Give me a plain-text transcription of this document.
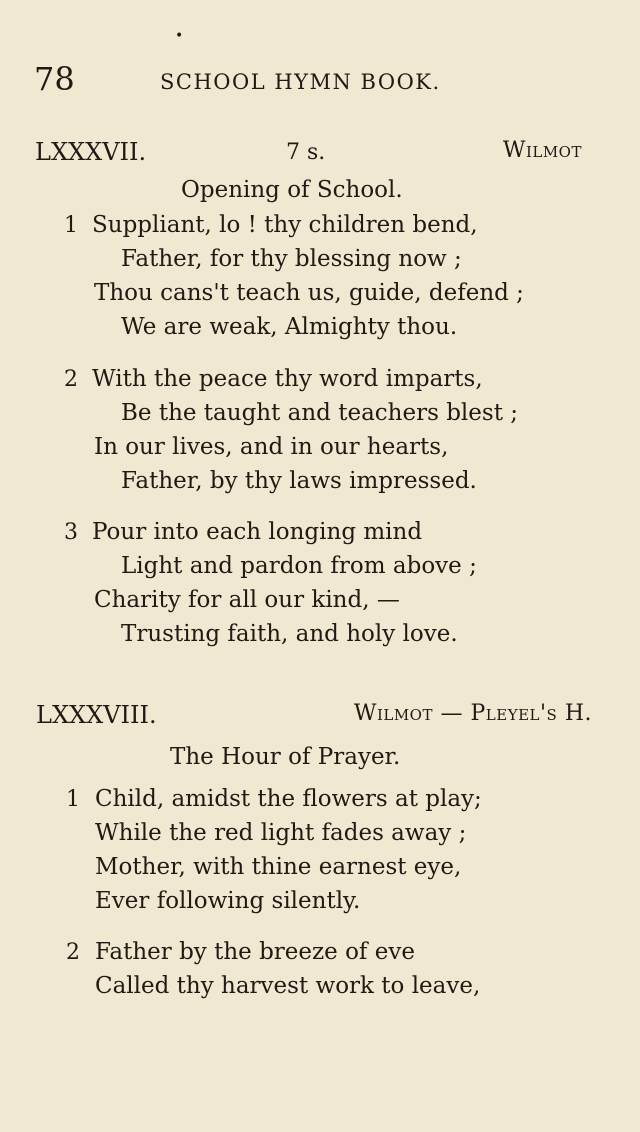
•
78	SCHOOL HYMN BOOK.
LXXXVII.	7 s.	Wilmot
Opening of School.
1 Suppliant, lo ! thy children bend,
Father, for thy blessing now ;
Thou cans't teach us, guide, defend ;
We are weak, Almighty thou.
2 With the peace thy word imparts,
Be the taught and teachers blest ;
In our lives, and in our hearts,
Father, by thy laws impressed.
3 Pour into each longing mind
Light and pardon from above ;
Charity for all our kind, —
Trusting faith, and holy love.
LXXXVIII.	Wilmot — Pleyel's H.
The Hour of Prayer.
1 Child, amidst the flowers at play;
While the red light fades away ;
Mother, with thine earnest eye,
Ever following silently.
2 Father by the breeze of eve
Called thy harvest work to leave,
